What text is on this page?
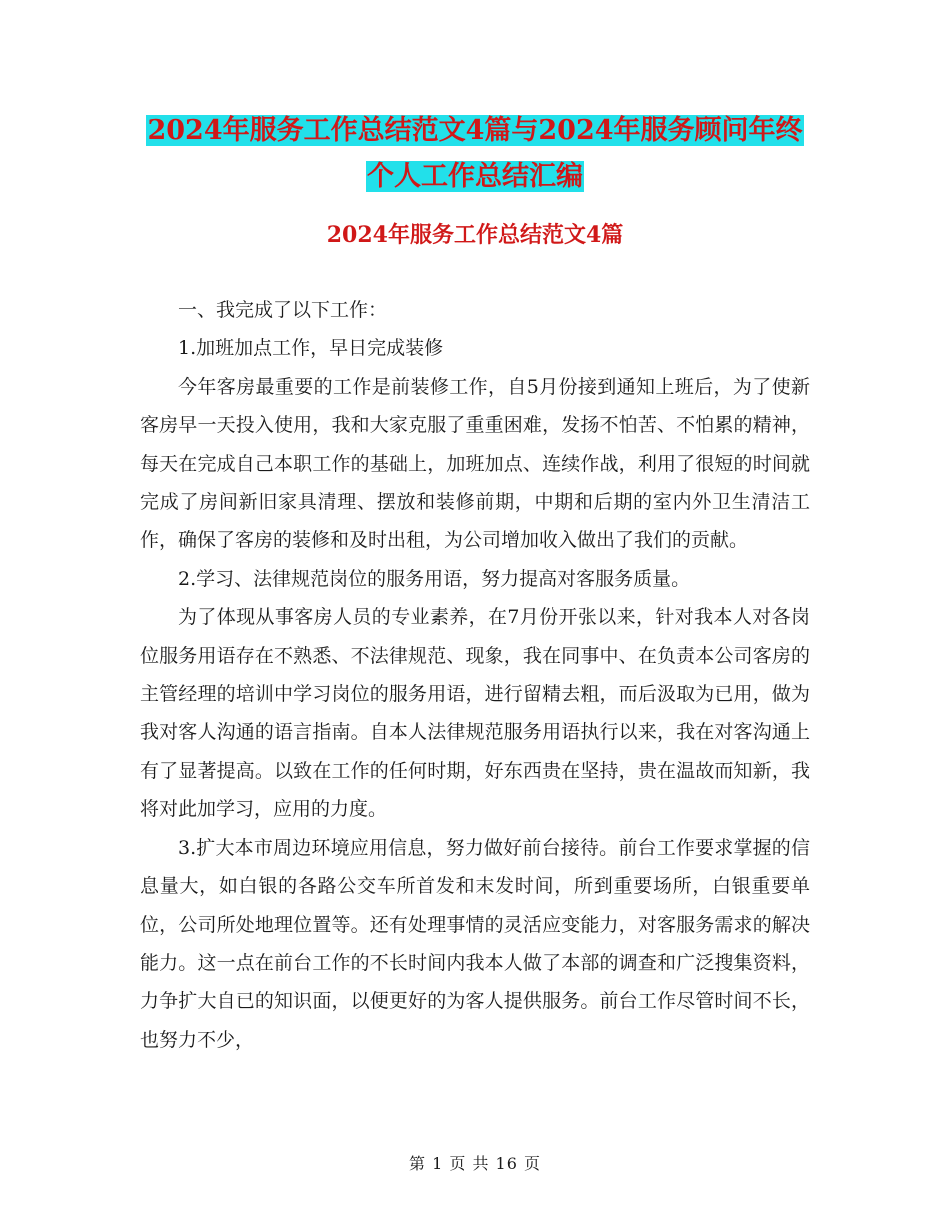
2024年服务工作总结范文4篇与2024年服务顾问年终
个人工作总结汇编
2024年服务工作总结范文4篇

一、我完成了以下工作：

1.加班加点工作，早日完成装修

今年客房最重要的工作是前装修工作，自5月份接到通知上班后，为了使新客房早一天投入使用，我和大家克服了重重困难，发扬不怕苦、不怕累的精神，每天在完成自己本职工作的基础上，加班加点、连续作战，利用了很短的时间就完成了房间新旧家具清理、摆放和装修前期，中期和后期的室内外卫生清洁工作，确保了客房的装修和及时出租，为公司增加收入做出了我们的贡献。

2.学习、法律规范岗位的服务用语，努力提高对客服务质量。

为了体现从事客房人员的专业素养，在7月份开张以来，针对我本人对各岗位服务用语存在不熟悉、不法律规范、现象，我在同事中、在负责本公司客房的主管经理的培训中学习岗位的服务用语，进行留精去粗，而后汲取为已用，做为我对客人沟通的语言指南。自本人法律规范服务用语执行以来，我在对客沟通上有了显著提高。以致在工作的任何时期，好东西贵在坚持，贵在温故而知新，我将对此加学习，应用的力度。

3.扩大本市周边环境应用信息，努力做好前台接待。前台工作要求掌握的信息量大，如白银的各路公交车所首发和末发时间，所到重要场所，白银重要单位，公司所处地理位置等。还有处理事情的灵活应变能力，对客服务需求的解决能力。这一点在前台工作的不长时间内我本人做了本部的调查和广泛搜集资料，力争扩大自已的知识面，以便更好的为客人提供服务。前台工作尽管时间不长，也努力不少，

第 1 页 共 16 页
